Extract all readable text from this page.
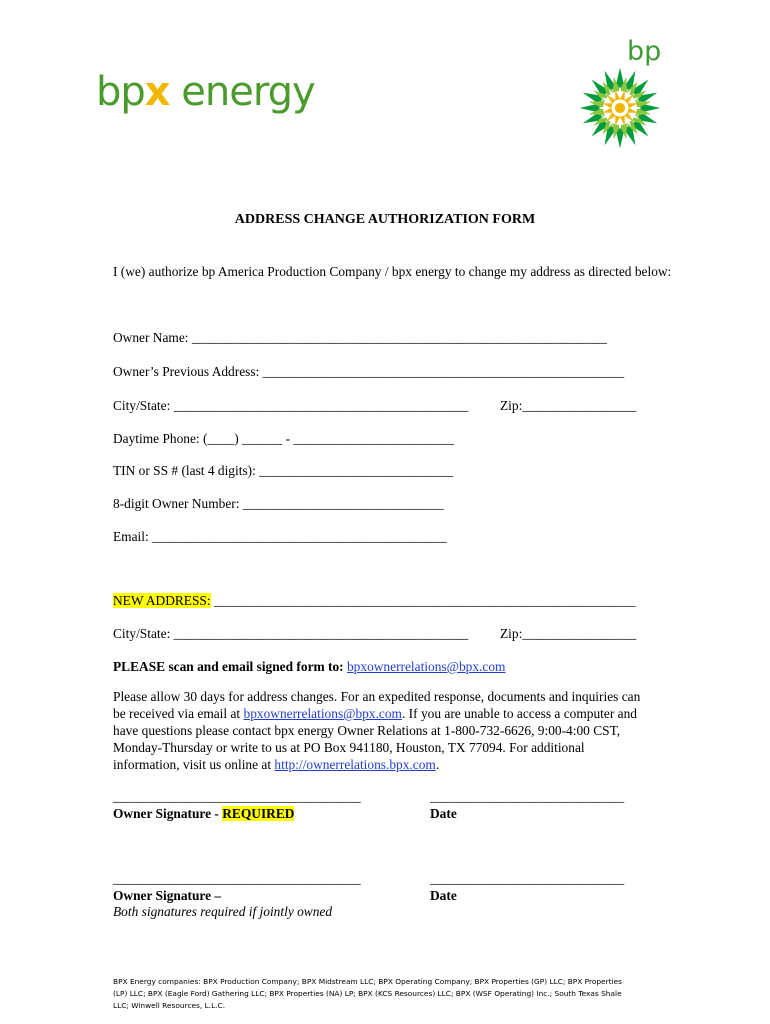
bpx energy
bp
ADDRESS CHANGE AUTHORIZATION FORM
I (we) authorize bp America Production Company / bpx energy to change my address as directed below:
Owner Name: ______________________________________________________________
Owner’s Previous Address: ______________________________________________________
City/State: ____________________________________________ Zip:_________________
Daytime Phone: (____) ______ - ________________________
TIN or SS # (last 4 digits): _____________________________
8-digit Owner Number: ______________________________
Email: ____________________________________________
NEW ADDRESS: _______________________________________________________________
City/State: ____________________________________________ Zip:_________________
PLEASE scan and email signed form to: bpxownerrelations@bpx.com
Please allow 30 days for address changes. For an expedited response, documents and inquiries can be received via email at bpxownerrelations@bpx.com. If you are unable to access a computer and have questions please contact bpx energy Owner Relations at 1-800-732-6626, 9:00-4:00 CST, Monday-Thursday or write to us at PO Box 941180, Houston, TX 77094. For additional information, visit us online at http://ownerrelations.bpx.com.
_____________________________________	_____________________________
Owner Signature - REQUIRED	Date
_____________________________________	_____________________________
Owner Signature –	Date
Both signatures required if jointly owned
BPX Energy companies: BPX Production Company; BPX Midstream LLC; BPX Operating Company; BPX Properties (GP) LLC; BPX Properties (LP) LLC; BPX (Eagle Ford) Gathering LLC; BPX Properties (NA) LP; BPX (KCS Resources) LLC; BPX (WSF Operating) Inc.; South Texas Shale LLC; Winwell Resources, L.L.C.
